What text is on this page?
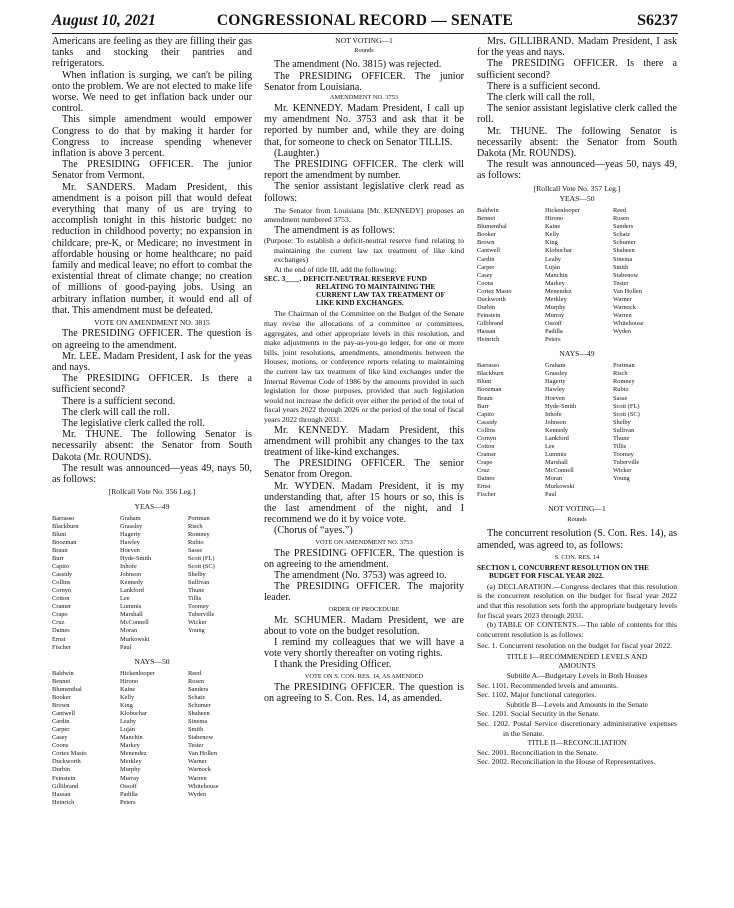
August 10, 2021	CONGRESSIONAL RECORD — SENATE	S6237

Americans are feeling as they are filling their gas tanks and stocking their pantries and refrigerators.

When inflation is surging, we can't be piling onto the problem. We are not elected to make life worse. We need to get inflation back under our control.

This simple amendment would empower Congress to do that by making it harder for Congress to increase spending whenever inflation is above 3 percent.

The PRESIDING OFFICER. The junior Senator from Vermont.

Mr. SANDERS. Madam President, this amendment is a poison pill that would defeat everything that many of us are trying to accomplish tonight in this historic budget: no reduction in childhood poverty; no expansion in childcare, pre-K, or Medicare; no investment in affordable housing or home healthcare; no paid family and medical leave; no effort to combat the existential threat of climate change; no creation of millions of good-paying jobs. Using an arbitrary inflation number, it would end all of that. This amendment must be defeated.

VOTE ON AMENDMENT NO. 3815

The PRESIDING OFFICER. The question is on agreeing to the amendment.

Mr. LEE. Madam President, I ask for the yeas and nays.

The PRESIDING OFFICER. Is there a sufficient second?

There is a sufficient second.

The clerk will call the roll.

The legislative clerk called the roll.

Mr. THUNE. The following Senator is necessarily absent: the Senator from South Dakota (Mr. ROUNDS).

The result was announced—yeas 49, nays 50, as follows:

[Rollcall Vote No. 356 Leg.]

YEAS—49

Barrasso
Blackburn
Blunt
Boozman
Braun
Burr
Capito
Cassidy
Collins
Cornyn
Cotton
Cramer
Crapo
Cruz
Daines
Ernst
Fischer
Graham
Grassley
Hagerty
Hawley
Hoeven
Hyde-Smith
Inhofe
Johnson
Kennedy
Lankford
Lee
Lummis
Marshall
McConnell
Moran
Murkowski
Paul
Portman
Risch
Romney
Rubio
Sasse
Scott (FL)
Scott (SC)
Shelby
Sullivan
Thune
Tillis
Toomey
Tuberville
Wicker
Young

NAYS—50

Baldwin
Bennet
Blumenthal
Booker
Brown
Cantwell
Cardin
Carper
Casey
Coons
Cortez Masto
Duckworth
Durbin
Feinstein
Gillibrand
Hassan
Heinrich
Hickenlooper
Hirono
Kaine
Kelly
King
Klobuchar
Leahy
Luján
Manchin
Markey
Menendez
Merkley
Murphy
Murray
Ossoff
Padilla
Peters
Reed
Rosen
Sanders
Schatz
Schumer
Shaheen
Sinema
Smith
Stabenow
Tester
Van Hollen
Warner
Warnock
Warren
Whitehouse
Wyden

NOT VOTING—1

Rounds

The amendment (No. 3815) was rejected.

The PRESIDING OFFICER. The junior Senator from Louisiana.

AMENDMENT NO. 3753

Mr. KENNEDY. Madam President, I call up my amendment No. 3753 and ask that it be reported by number and, while they are doing that, for someone to check on Senator TILLIS.

(Laughter.)

The PRESIDING OFFICER. The clerk will report the amendment by number.

The senior assistant legislative clerk read as follows:

The Senator from Louisiana [Mr. KENNEDY] proposes an amendment numbered 3753.

The amendment is as follows:

(Purpose: To establish a deficit-neutral reserve fund relating to maintaining the current law tax treatment of like kind exchanges)

At the end of title III, add the following:

SEC. 3____. DEFICIT-NEUTRAL RESERVE FUND RELATING TO MAINTAINING THE CURRENT LAW TAX TREATMENT OF LIKE KIND EXCHANGES.

The Chairman of the Committee on the Budget of the Senate may revise the allocations of a committee or committees, aggregates, and other appropriate levels in this resolution, and make adjustments to the pay-as-you-go ledger, for one or more bills, joint resolutions, amendments, amendments between the Houses, motions, or conference reports relating to maintaining the current law tax treatment of like kind exchanges under the Internal Revenue Code of 1986 by the amounts provided in such legislation for those purposes, provided that such legislation would not increase the deficit over either the period of the total of fiscal years 2022 through 2026 or the period of the total of fiscal years 2022 through 2031.

Mr. KENNEDY. Madam President, this amendment will prohibit any changes to the tax treatment of like-kind exchanges.

The PRESIDING OFFICER. The senior Senator from Oregon.

Mr. WYDEN. Madam President, it is my understanding that, after 15 hours or so, this is the last amendment of the night, and I recommend we do it by voice vote.

(Chorus of “ayes.”)

VOTE ON AMENDMENT NO. 3753

The PRESIDING OFFICER. The question is on agreeing to the amendment.

The amendment (No. 3753) was agreed to.

The PRESIDING OFFICER. The majority leader.

ORDER OF PROCEDURE

Mr. SCHUMER. Madam President, we are about to vote on the budget resolution.

I remind my colleagues that we will have a vote very shortly thereafter on voting rights.

I thank the Presiding Officer.

VOTE ON S. CON. RES. 14, AS AMENDED

The PRESIDING OFFICER. The question is on agreeing to S. Con. Res. 14, as amended.

Mrs. GILLIBRAND. Madam President, I ask for the yeas and nays.

The PRESIDING OFFICER. Is there a sufficient second?

There is a sufficient second.

The clerk will call the roll.

The senior assistant legislative clerk called the roll.

Mr. THUNE. The following Senator is necessarily absent: the Senator from South Dakota (Mr. ROUNDS).

The result was announced—yeas 50, nays 49, as follows:

[Rollcall Vote No. 357 Leg.]

YEAS—50

Baldwin
Bennet
Blumenthal
Booker
Brown
Cantwell
Cardin
Carper
Casey
Coons
Cortez Masto
Duckworth
Durbin
Feinstein
Gillibrand
Hassan
Heinrich
Hickenlooper
Hirono
Kaine
Kelly
King
Klobuchar
Leahy
Luján
Manchin
Markey
Menendez
Merkley
Murphy
Murray
Ossoff
Padilla
Peters
Reed
Rosen
Sanders
Schatz
Schumer
Shaheen
Sinema
Smith
Stabenow
Tester
Van Hollen
Warner
Warnock
Warren
Whitehouse
Wyden

NAYS—49

Barrasso
Blackburn
Blunt
Boozman
Braun
Burr
Capito
Cassidy
Collins
Cornyn
Cotton
Cramer
Crapo
Cruz
Daines
Ernst
Fischer
Graham
Grassley
Hagerty
Hawley
Hoeven
Hyde-Smith
Inhofe
Johnson
Kennedy
Lankford
Lee
Lummis
Marshall
McConnell
Moran
Murkowski
Paul
Portman
Risch
Romney
Rubio
Sasse
Scott (FL)
Scott (SC)
Shelby
Sullivan
Thune
Tillis
Toomey
Tuberville
Wicker
Young

NOT VOTING—1

Rounds

The concurrent resolution (S. Con. Res. 14), as amended, was agreed to, as follows:

S. CON. RES. 14

SECTION 1. CONCURRENT RESOLUTION ON THE BUDGET FOR FISCAL YEAR 2022.

(a) DECLARATION.—Congress declares that this resolution is the concurrent resolution on the budget for fiscal year 2022 and that this resolution sets forth the appropriate budgetary levels for fiscal years 2023 through 2031.

(b) TABLE OF CONTENTS.—The table of contents for this concurrent resolution is as follows:

Sec. 1. Concurrent resolution on the budget for fiscal year 2022.

TITLE I—RECOMMENDED LEVELS AND AMOUNTS

Subtitle A—Budgetary Levels in Both Houses

Sec. 1101. Recommended levels and amounts.

Sec. 1102. Major functional categories.

Subtitle B—Levels and Amounts in the Senate

Sec. 1201. Social Security in the Senate.

Sec. 1202. Postal Service discretionary administrative expenses in the Senate.

TITLE II—RECONCILIATION

Sec. 2001. Reconciliation in the Senate.

Sec. 2002. Reconciliation in the House of Representatives.
